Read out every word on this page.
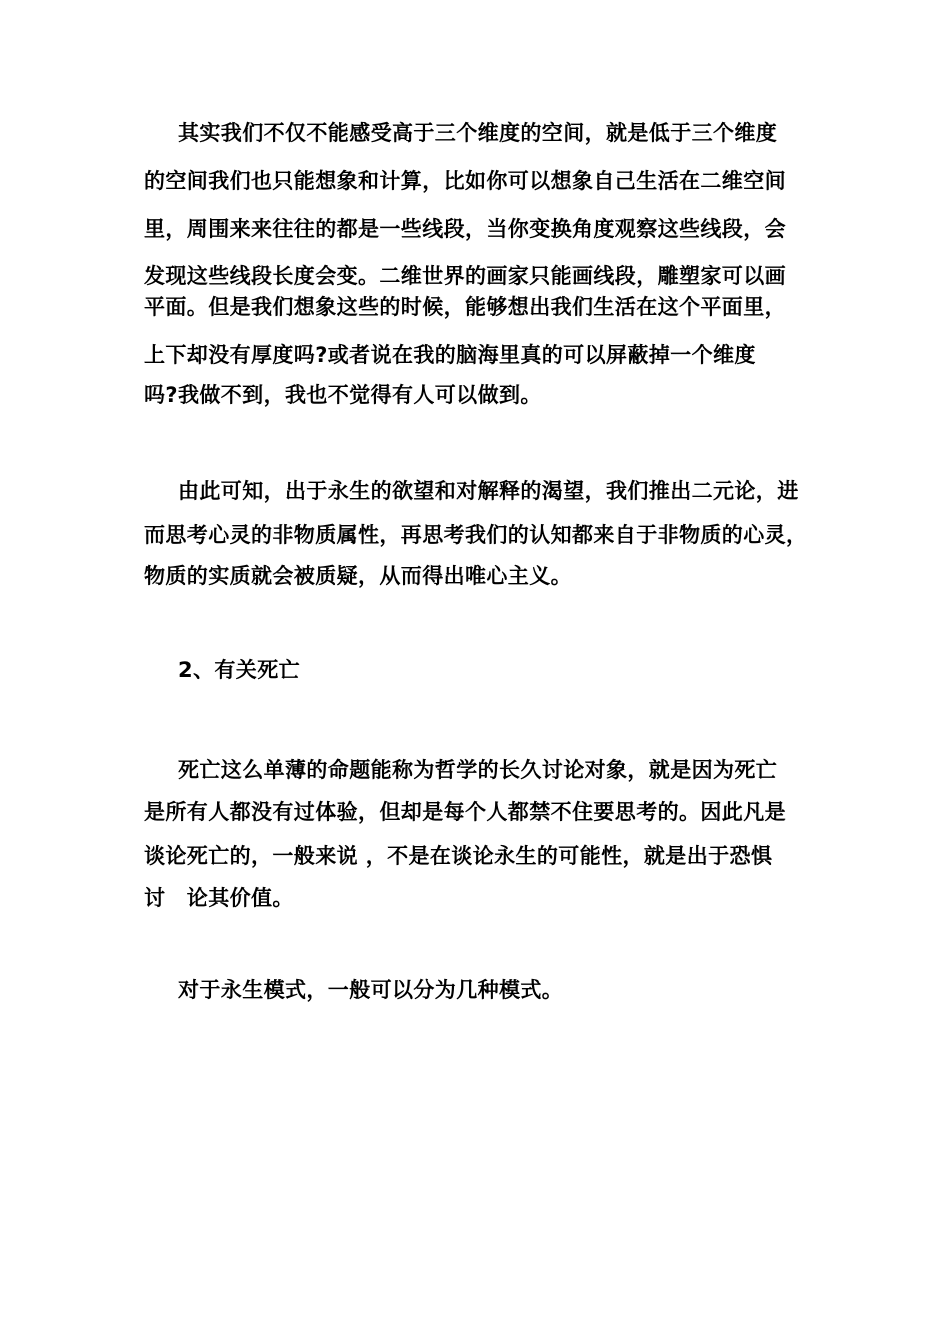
其实我们不仅不能感受高于三个维度的空间，就是低于三个维度
的空间我们也只能想象和计算，比如你可以想象自己生活在二维空间
里，周围来来往往的都是一些线段，当你变换角度观察这些线段，会
发现这些线段长度会变。二维世界的画家只能画线段，雕塑家可以画
平面。但是我们想象这些的时候，能够想出我们生活在这个平面里，
上下却没有厚度吗?或者说在我的脑海里真的可以屏蔽掉一个维度
吗?我做不到，我也不觉得有人可以做到。
由此可知，出于永生的欲望和对解释的渴望，我们推出二元论，进
而思考心灵的非物质属性，再思考我们的认知都来自于非物质的心灵，
物质的实质就会被质疑，从而得出唯心主义。
2、有关死亡
死亡这么单薄的命题能称为哲学的长久讨论对象，就是因为死亡
是所有人都没有过体验，但却是每个人都禁不住要思考的。因此凡是
谈论死亡的，一般来说 ，不是在谈论永生的可能性，就是出于恐惧
讨　论其价值。
对于永生模式，一般可以分为几种模式。
